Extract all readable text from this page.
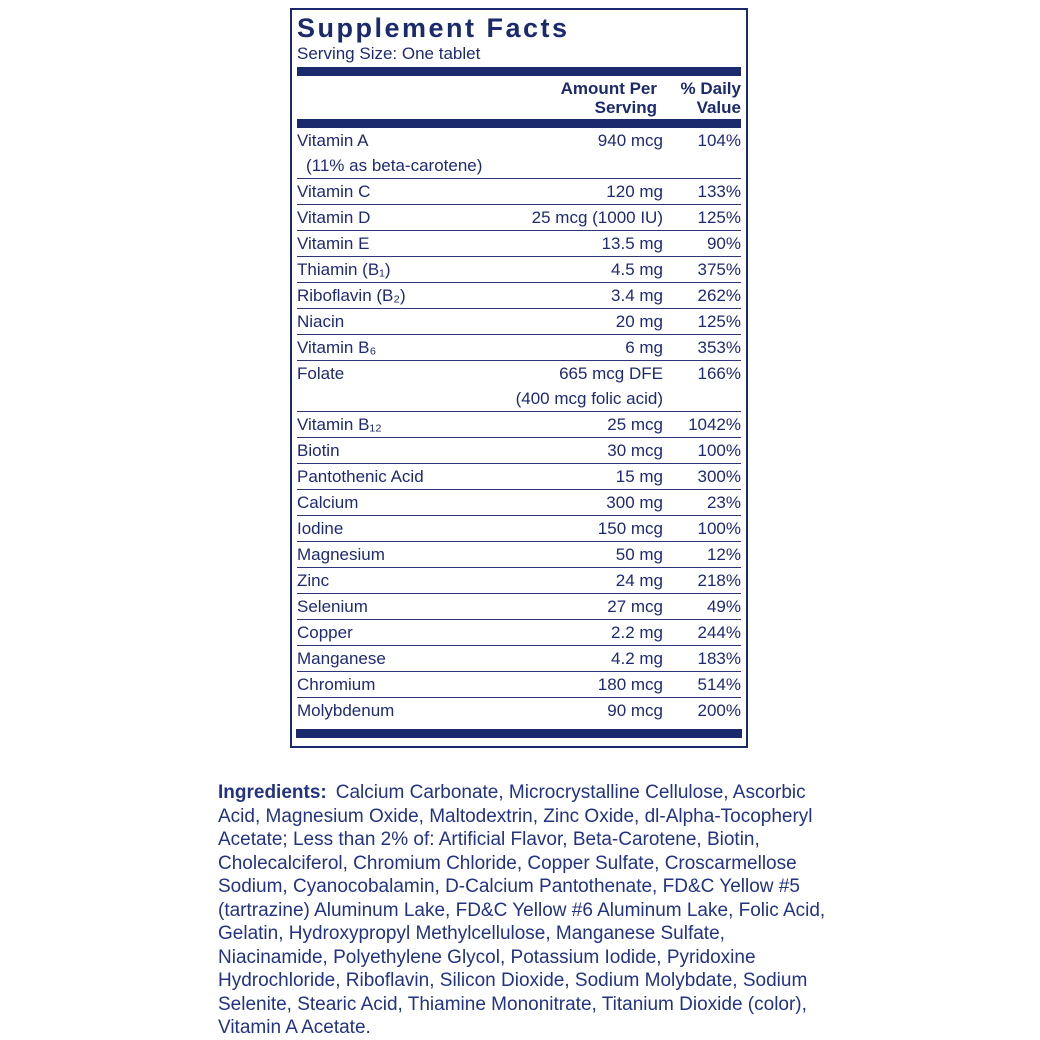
Supplement Facts
Serving Size: One tablet
Amount Per Serving
% Daily Value
Vitamin A	940 mcg	104%
(11% as beta-carotene)
Vitamin C	120 mg	133%
Vitamin D	25 mcg (1000 IU)	125%
Vitamin E	13.5 mg	90%
Thiamin (B₁)	4.5 mg	375%
Riboflavin (B₂)	3.4 mg	262%
Niacin	20 mg	125%
Vitamin B₆	6 mg	353%
Folate	665 mcg DFE	166%
(400 mcg folic acid)
Vitamin B₁₂	25 mcg	1042%
Biotin	30 mcg	100%
Pantothenic Acid	15 mg	300%
Calcium	300 mg	23%
Iodine	150 mcg	100%
Magnesium	50 mg	12%
Zinc	24 mg	218%
Selenium	27 mcg	49%
Copper	2.2 mg	244%
Manganese	4.2 mg	183%
Chromium	180 mcg	514%
Molybdenum	90 mcg	200%
Ingredients: Calcium Carbonate, Microcrystalline Cellulose, Ascorbic Acid, Magnesium Oxide, Maltodextrin, Zinc Oxide, dl-Alpha-Tocopheryl Acetate; Less than 2% of: Artificial Flavor, Beta-Carotene, Biotin, Cholecalciferol, Chromium Chloride, Copper Sulfate, Croscarmellose Sodium, Cyanocobalamin, D-Calcium Pantothenate, FD&C Yellow #5 (tartrazine) Aluminum Lake, FD&C Yellow #6 Aluminum Lake, Folic Acid, Gelatin, Hydroxypropyl Methylcellulose, Manganese Sulfate, Niacinamide, Polyethylene Glycol, Potassium Iodide, Pyridoxine Hydrochloride, Riboflavin, Silicon Dioxide, Sodium Molybdate, Sodium Selenite, Stearic Acid, Thiamine Mononitrate, Titanium Dioxide (color), Vitamin A Acetate.
